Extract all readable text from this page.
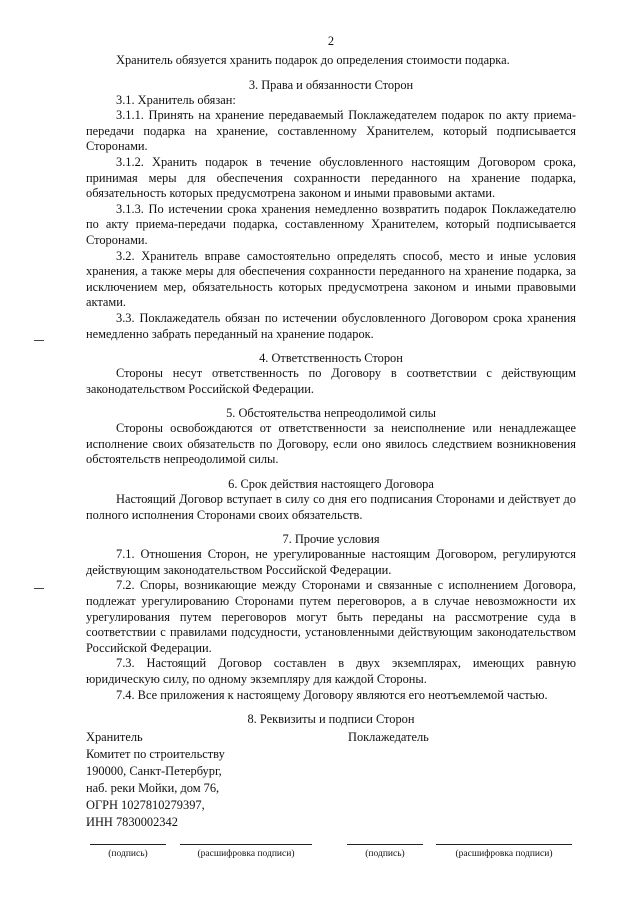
2

Хранитель обязуется хранить подарок до определения стоимости подарка.

3. Права и обязанности Сторон

3.1. Хранитель обязан:

3.1.1. Принять на хранение передаваемый Поклажедателем подарок по акту приема-передачи подарка на хранение, составленному Хранителем, который подписывается Сторонами.

3.1.2. Хранить подарок в течение обусловленного настоящим Договором срока, принимая меры для обеспечения сохранности переданного на хранение подарка, обязательность которых предусмотрена законом и иными правовыми актами.

3.1.3. По истечении срока хранения немедленно возвратить подарок Поклажедателю по акту приема-передачи подарка, составленному Хранителем, который подписывается Сторонами.

3.2. Хранитель вправе самостоятельно определять способ, место и иные условия хранения, а также меры для обеспечения сохранности переданного на хранение подарка, за исключением мер, обязательность которых предусмотрена законом и иными правовыми актами.

3.3. Поклажедатель обязан по истечении обусловленного Договором срока хранения немедленно забрать переданный на хранение подарок.

4. Ответственность Сторон

Стороны несут ответственность по Договору в соответствии с действующим законодательством Российской Федерации.

5. Обстоятельства непреодолимой силы

Стороны освобождаются от ответственности за неисполнение или ненадлежащее исполнение своих обязательств по Договору, если оно явилось следствием возникновения обстоятельств непреодолимой силы.

6. Срок действия настоящего Договора

Настоящий Договор вступает в силу со дня его подписания Сторонами и действует до полного исполнения Сторонами своих обязательств.

7. Прочие условия

7.1. Отношения Сторон, не урегулированные настоящим Договором, регулируются действующим законодательством Российской Федерации.

7.2. Споры, возникающие между Сторонами и связанные с исполнением Договора, подлежат урегулированию Сторонами путем переговоров, а в случае невозможности их урегулирования путем переговоров могут быть переданы на рассмотрение суда в соответствии с правилами подсудности, установленными действующим законодательством Российской Федерации.

7.3. Настоящий Договор составлен в двух экземплярах, имеющих равную юридическую силу, по одному экземпляру для каждой Стороны.

7.4. Все приложения к настоящему Договору являются его неотъемлемой частью.

8. Реквизиты и подписи Сторон
Хранитель
Комитет по строительству
190000, Санкт-Петербург,
наб. реки Мойки, дом 76,
ОГРН 1027810279397,
ИНН 7830002342
Поклажедатель
(подпись)	(расшифровка подписи)	(подпись)	(расшифровка подписи)
